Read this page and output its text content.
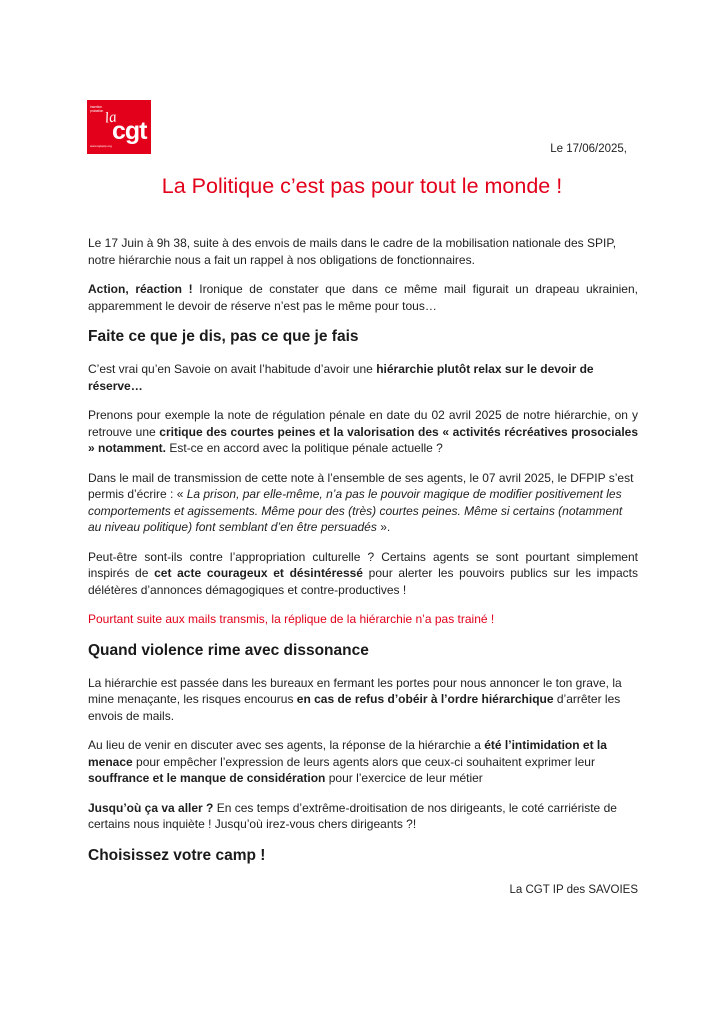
insertion
probation la
cgt
www.cgtspip.org	Le 17/06/2025,
La Politique c’est pas pour tout le monde !

Le 17 Juin à 9h 38, suite à des envois de mails dans le cadre de la mobilisation nationale des SPIP, notre hiérarchie nous a fait un rappel à nos obligations de fonctionnaires.

Action, réaction ! Ironique de constater que dans ce même mail figurait un drapeau ukrainien, apparemment le devoir de réserve n’est pas le même pour tous…

Faite ce que je dis, pas ce que je fais

C’est vrai qu’en Savoie on avait l’habitude d’avoir une hiérarchie plutôt relax sur le devoir de réserve…

Prenons pour exemple la note de régulation pénale en date du 02 avril 2025 de notre hiérarchie, on y retrouve une critique des courtes peines et la valorisation des « activités récréatives prosociales » notamment. Est-ce en accord avec la politique pénale actuelle ?

Dans le mail de transmission de cette note à l’ensemble de ses agents, le 07 avril 2025, le DFPIP s’est permis d’écrire : « La prison, par elle-même, n’a pas le pouvoir magique de modifier positivement les comportements et agissements. Même pour des (très) courtes peines. Même si certains (notamment au niveau politique) font semblant d’en être persuadés ».

Peut-être sont-ils contre l’appropriation culturelle ? Certains agents se sont pourtant simplement inspirés de cet acte courageux et désintéressé pour alerter les pouvoirs publics sur les impacts délétères d’annonces démagogiques et contre-productives !

Pourtant suite aux mails transmis, la réplique de la hiérarchie n’a pas trainé !

Quand violence rime avec dissonance

La hiérarchie est passée dans les bureaux en fermant les portes pour nous annoncer le ton grave, la mine menaçante, les risques encourus en cas de refus d’obéir à l’ordre hiérarchique d’arrêter les envois de mails.

Au lieu de venir en discuter avec ses agents, la réponse de la hiérarchie a été l’intimidation et la menace pour empêcher l’expression de leurs agents alors que ceux-ci souhaitent exprimer leur souffrance et le manque de considération pour l’exercice de leur métier

Jusqu’où ça va aller ? En ces temps d’extrême-droitisation de nos dirigeants, le coté carriériste de certains nous inquiète ! Jusqu’où irez-vous chers dirigeants ?!

Choisissez votre camp !
La CGT IP des SAVOIES
